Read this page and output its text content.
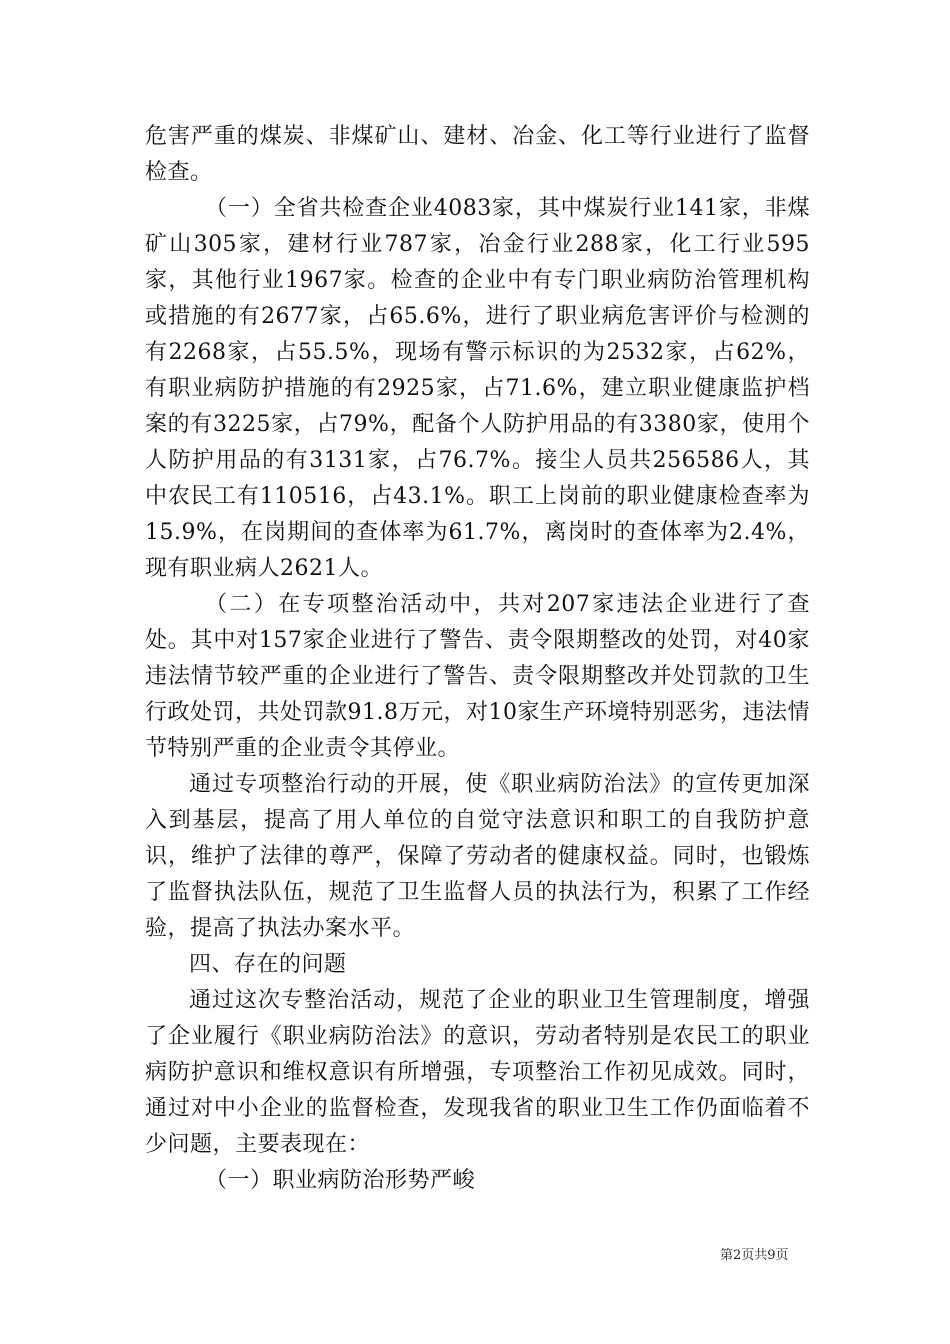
危害严重的煤炭、非煤矿山、建材、冶金、化工等行业进行了监督检查。

（一）全省共检查企业4083家，其中煤炭行业141家，非煤矿山305家，建材行业787家，冶金行业288家，化工行业595家，其他行业1967家。检查的企业中有专门职业病防治管理机构或措施的有2677家，占65.6%，进行了职业病危害评价与检测的有2268家，占55.5%，现场有警示标识的为2532家，占62%，有职业病防护措施的有2925家，占71.6%，建立职业健康监护档案的有3225家，占79%，配备个人防护用品的有3380家，使用个人防护用品的有3131家，占76.7%。接尘人员共256586人，其中农民工有110516，占43.1%。职工上岗前的职业健康检查率为15.9%，在岗期间的查体率为61.7%，离岗时的查体率为2.4%，现有职业病人2621人。

（二）在专项整治活动中，共对207家违法企业进行了查处。其中对157家企业进行了警告、责令限期整改的处罚，对40家违法情节较严重的企业进行了警告、责令限期整改并处罚款的卫生行政处罚，共处罚款91.8万元，对10家生产环境特别恶劣，违法情节特别严重的企业责令其停业。

通过专项整治行动的开展，使《职业病防治法》的宣传更加深入到基层，提高了用人单位的自觉守法意识和职工的自我防护意识，维护了法律的尊严，保障了劳动者的健康权益。同时，也锻炼了监督执法队伍，规范了卫生监督人员的执法行为，积累了工作经验，提高了执法办案水平。

四、存在的问题

通过这次专整治活动，规范了企业的职业卫生管理制度，增强了企业履行《职业病防治法》的意识，劳动者特别是农民工的职业病防护意识和维权意识有所增强，专项整治工作初见成效。同时，通过对中小企业的监督检查，发现我省的职业卫生工作仍面临着不少问题，主要表现在：

（一）职业病防治形势严峻

第2页共9页
